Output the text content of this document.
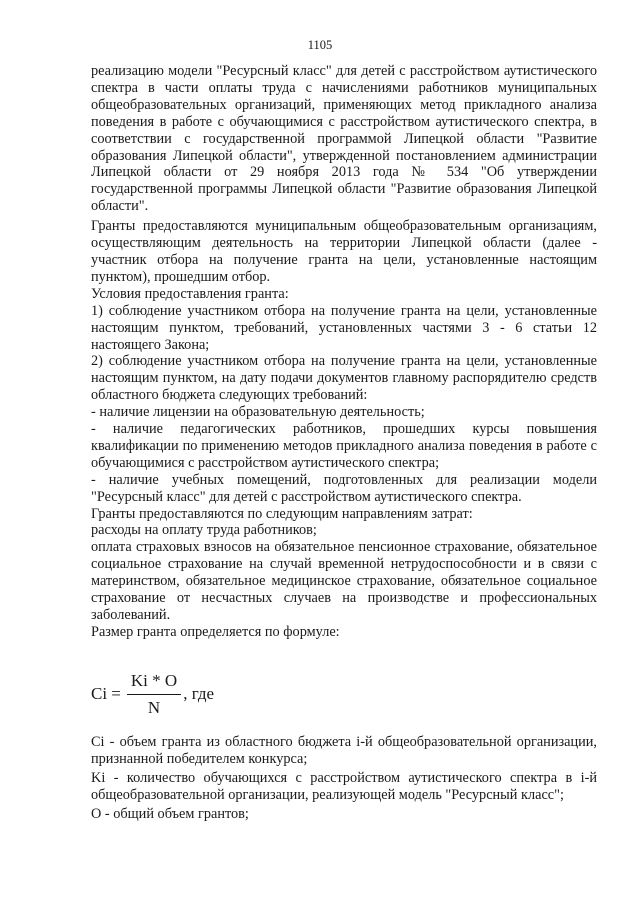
1105

реализацию модели "Ресурсный класс" для детей с расстройством аутистического спектра в части оплаты труда с начислениями работников муниципальных общеобразовательных организаций, применяющих метод прикладного анализа поведения в работе с обучающимися с расстройством аутистического спектра, в соответствии с государственной программой Липецкой области "Развитие образования Липецкой области", утвержденной постановлением администрации Липецкой области от 29 ноября 2013 года № 534 "Об утверждении государственной программы Липецкой области "Развитие образования Липецкой области".

Гранты предоставляются муниципальным общеобразовательным организациям, осуществляющим деятельность на территории Липецкой области (далее - участник отбора на получение гранта на цели, установленные настоящим пунктом), прошедшим отбор.

Условия предоставления гранта:

1) соблюдение участником отбора на получение гранта на цели, установленные настоящим пунктом, требований, установленных частями 3 - 6 статьи 12 настоящего Закона;

2) соблюдение участником отбора на получение гранта на цели, установленные настоящим пунктом, на дату подачи документов главному распорядителю средств областного бюджета следующих требований:

- наличие лицензии на образовательную деятельность;

- наличие педагогических работников, прошедших курсы повышения квалификации по применению методов прикладного анализа поведения в работе с обучающимися с расстройством аутистического спектра;

- наличие учебных помещений, подготовленных для реализации модели "Ресурсный класс" для детей с расстройством аутистического спектра.

Гранты предоставляются по следующим направлениям затрат:

расходы на оплату труда работников;

оплата страховых взносов на обязательное пенсионное страхование, обязательное социальное страхование на случай временной нетрудоспособности и в связи с материнством, обязательное медицинское страхование, обязательное социальное страхование от несчастных случаев на производстве и профессиональных заболеваний.

Размер гранта определяется по формуле:

$Ci = \frac{Ki * O}{N}$ , где

Ci - объем гранта из областного бюджета i-й общеобразовательной организации, признанной победителем конкурса;

Ki - количество обучающихся с расстройством аутистического спектра в i-й общеобразовательной организации, реализующей модель "Ресурсный класс";

O - общий объем грантов;
